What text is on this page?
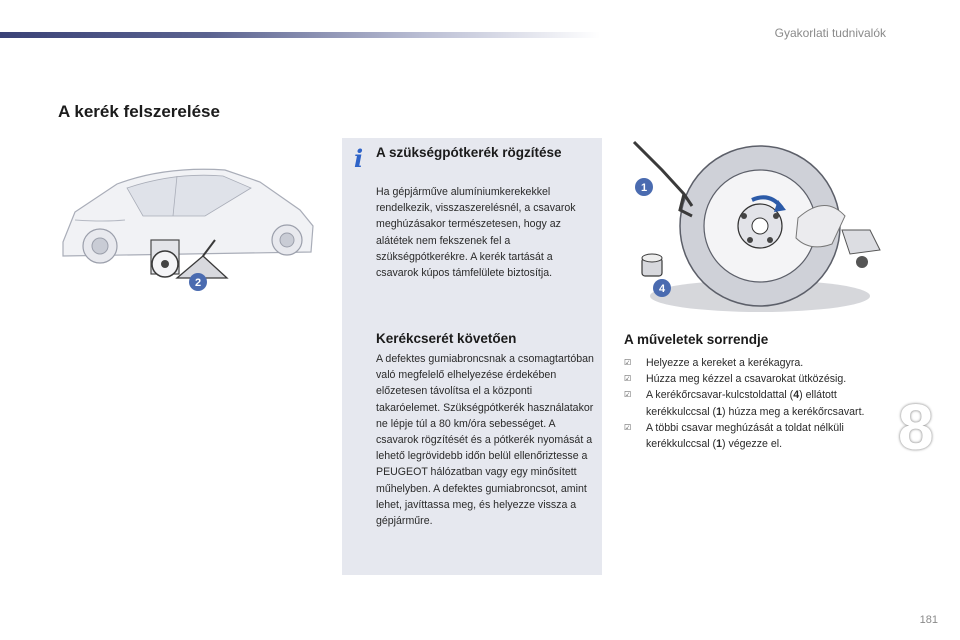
Gyakorlati tudnivalók
A kerék felszerelése
2
i A szükségpótkerék rögzítése

Ha gépjárműve alumíniumkerekekkel rendelkezik, visszaszerelésnél, a csavarok meghúzásakor természetesen, hogy az alátétek nem fekszenek fel a szükségpótkerékre. A kerék tartását a csavarok kúpos támfelülete biztosítja.

Kerékcserét követően

A defektes gumiabroncsnak a csomagtartóban való megfelelő elhelyezése érdekében előzetesen távolítsa el a központi takaróelemet. Szükségpótkerék használatakor ne lépje túl a 80 km/óra sebességet. A csavarok rögzítését és a pótkerék nyomását a lehető legrövidebb időn belül ellenőriztesse a PEUGEOT hálózatban vagy egy minősített műhelyben. A defektes gumiabroncsot, amint lehet, javíttassa meg, és helyezze vissza a gépjárműre.

1
4
A műveletek sorrendje
☑ Helyezze a kereket a kerékagyra.
☑ Húzza meg kézzel a csavarokat ütközésig.
☑ A kerékőrcsavar-kulcstoldattal (4) ellátott kerékkulccsal (1) húzza meg a kerékőrcsavart.
☑ A többi csavar meghúzását a toldat nélküli kerékkulccsal (1) végezze el.	8
181
